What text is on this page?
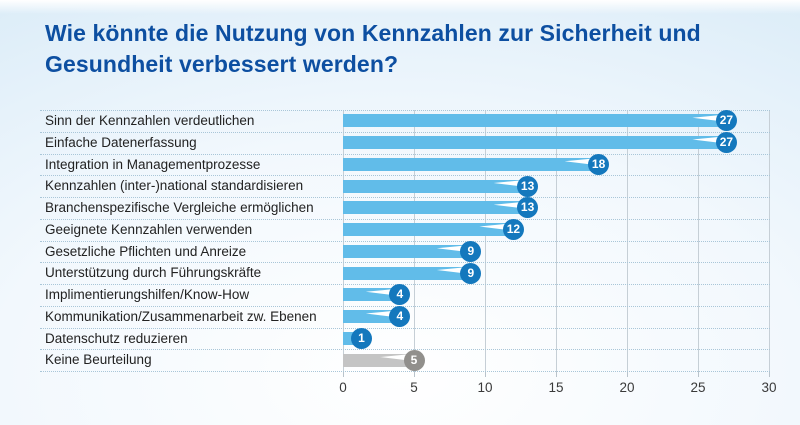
Wie könnte die Nutzung von Kennzahlen zur Sicherheit und Gesundheit verbessert werden?
0	5	10	15	20	25	30
Sinn der Kennzahlen verdeutlichen	27
Einfache Datenerfassung	27
Integration in Managementprozesse	18
Kennzahlen (inter-)national standardisieren	13
Branchenspezifische Vergleiche ermöglichen	13
Geeignete Kennzahlen verwenden	12
Gesetzliche Pflichten und Anreize	9
Unterstützung durch Führungskräfte	9
Implimentierungshilfen/Know-How	4
Kommunikation/Zusammenarbeit zw. Ebenen	4
Datenschutz reduzieren	1
Keine Beurteilung	5
